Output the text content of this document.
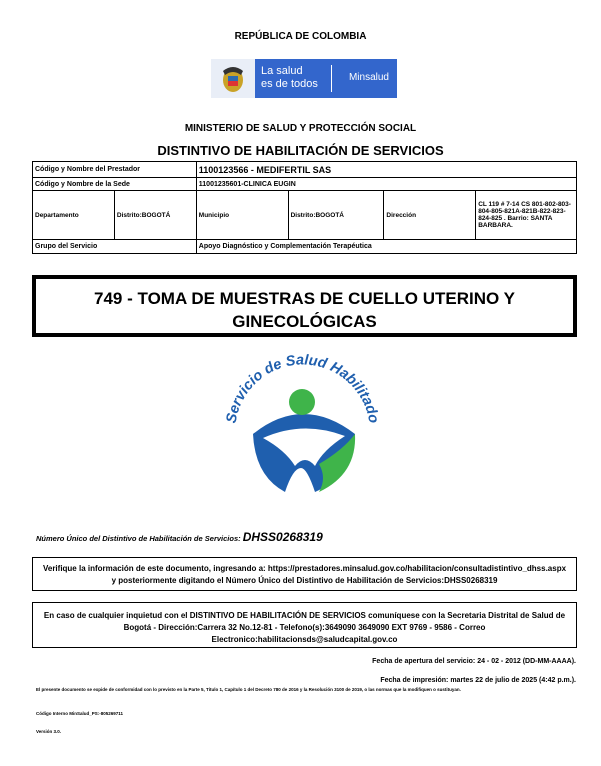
REPÚBLICA DE COLOMBIA
La salud
es de todos
Minsalud
MINISTERIO DE SALUD Y PROTECCIÓN SOCIAL
DISTINTIVO DE HABILITACIÓN DE SERVICIOS
Código y Nombre del Prestador		1100123566 - MEDIFERTIL SAS			
Código y Nombre de la Sede		11001235601-CLINICA EUGIN			
Departamento	Distrito:BOGOTÁ	Municipio	Distrito:BOGOTÁ	Dirección	CL 119 # 7-14 CS 801-802-803-804-805-821A-821B-822-823-824-825 . Barrio: SANTA BARBARA.
Grupo del Servicio		Apoyo Diagnóstico y Complementación Terapéutica			
749 - TOMA DE MUESTRAS DE CUELLO UTERINO Y GINECOLÓGICAS
Servicio de Salud Habilitado
Número Único del Distintivo de Habilitación de Servicios: DHSS0268319
Verifique la información de este documento, ingresando a: https://prestadores.minsalud.gov.co/habilitacion/consultadistintivo_dhss.aspx
y posteriormente digitando el Número Único del Distintivo de Habilitación de Servicios:DHSS0268319
En caso de cualquier inquietud con el DISTINTIVO DE HABILITACIÓN DE SERVICIOS comuníquese con la Secretaria Distrital de Salud de
Bogotá - Dirección:Carrera 32 No.12-81 - Telefono(s):3649090 3649090 EXT 9769 - 9586 - Correo
Electronico:habilitacionsds@saludcapital.gov.co
Fecha de apertura del servicio: 24 - 02 - 2012 (DD-MM-AAAA).
Fecha de impresión: martes 22 de julio de 2025 (4:42 p.m.).
El presente documento se expide de conformidad con lo previsto en la Parte 5, Título 1, Capítulo 1 del Decreto 780 de 2016 y la Resolución 3100 de 2019, o las normas que la modifiquen o sustituyan.
Código Interno MinSalud_PS:-805269711
Versión 3.0.
